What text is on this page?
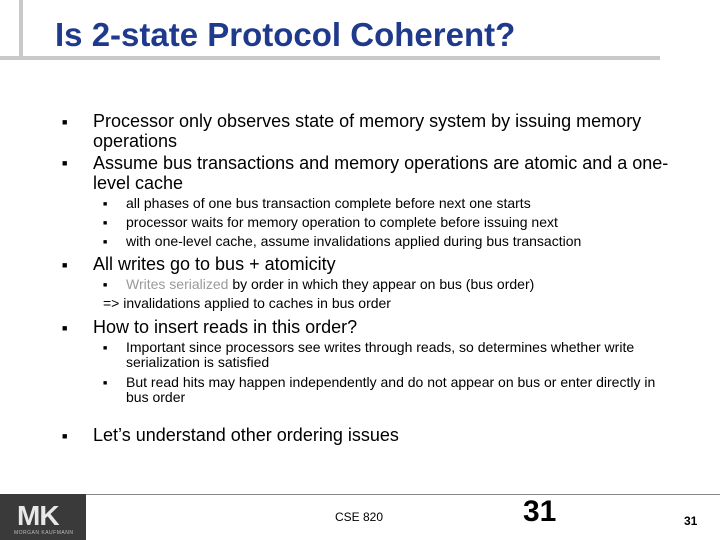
Is 2-state Protocol Coherent?
■
Processor only observes state of memory system by issuing memory operations
■
Assume bus transactions and memory operations are atomic and a one-level cache
■
all phases of one bus transaction complete before next one starts
■
processor waits for memory operation to complete before issuing next
■
with one-level cache, assume invalidations applied during bus transaction
■
All writes go to bus + atomicity
■
Writes serialized by order in which they appear on bus (bus order)
=> invalidations applied to caches in bus order
■
How to insert reads in this order?
■
Important since processors see writes through reads, so determines whether write serialization is satisfied
■
But read hits may happen independently and do not appear on bus or enter directly in bus order
■
Let’s understand other ordering issues
MK
MORGAN KAUFMANN
CSE 820	31	31
